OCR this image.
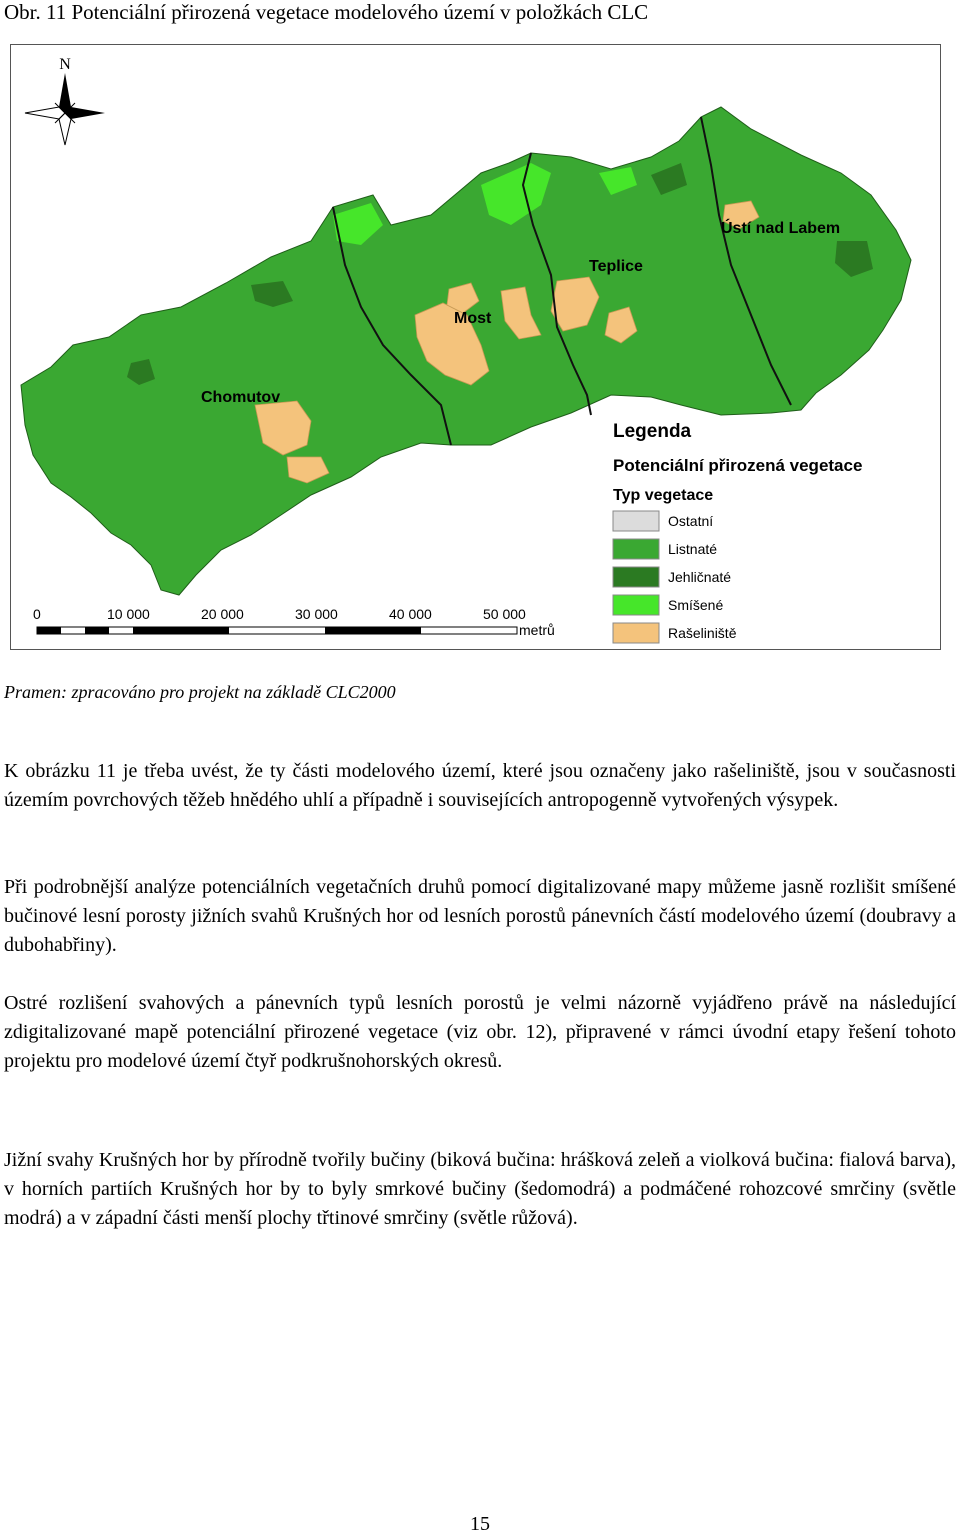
Obr. 11 Potenciální přirozená vegetace modelového území v položkách CLC
N
Chomutov
Most
Teplice
Ústí nad Labem
Legenda
Potenciální přirozená vegetace
Typ vegetace
Ostatní
Listnaté
Jehličnaté
Smíšené
Rašeliniště
0	10 000	20 000	30 000	40 000	50 000
metrů
Pramen: zpracováno pro projekt na základě CLC2000

K obrázku 11 je třeba uvést, že ty části modelového území, které jsou označeny jako rašeliniště, jsou v současnosti územím povrchových těžeb hnědého uhlí a případně i souvisejících antropogenně vytvořených výsypek.

Při podrobnější analýze potenciálních vegetačních druhů pomocí digitalizované mapy můžeme jasně rozlišit smíšené bučinové lesní porosty jižních svahů Krušných hor od lesních porostů pánevních částí modelového území (doubravy a dubohabřiny).

Ostré rozlišení svahových a pánevních typů lesních porostů je velmi názorně vyjádřeno právě na následující zdigitalizované mapě potenciální přirozené vegetace (viz obr. 12), připravené v rámci úvodní etapy řešení tohoto projektu pro modelové území čtyř podkrušnohorských okresů.

Jižní svahy Krušných hor by přírodně tvořily bučiny (biková bučina: hrášková zeleň a violková bučina: fialová barva), v horních partiích Krušných hor by to byly smrkové bučiny (šedomodrá) a podmáčené rohozcové smrčiny (světle modrá) a v západní části menší plochy třtinové smrčiny (světle růžová).

15
